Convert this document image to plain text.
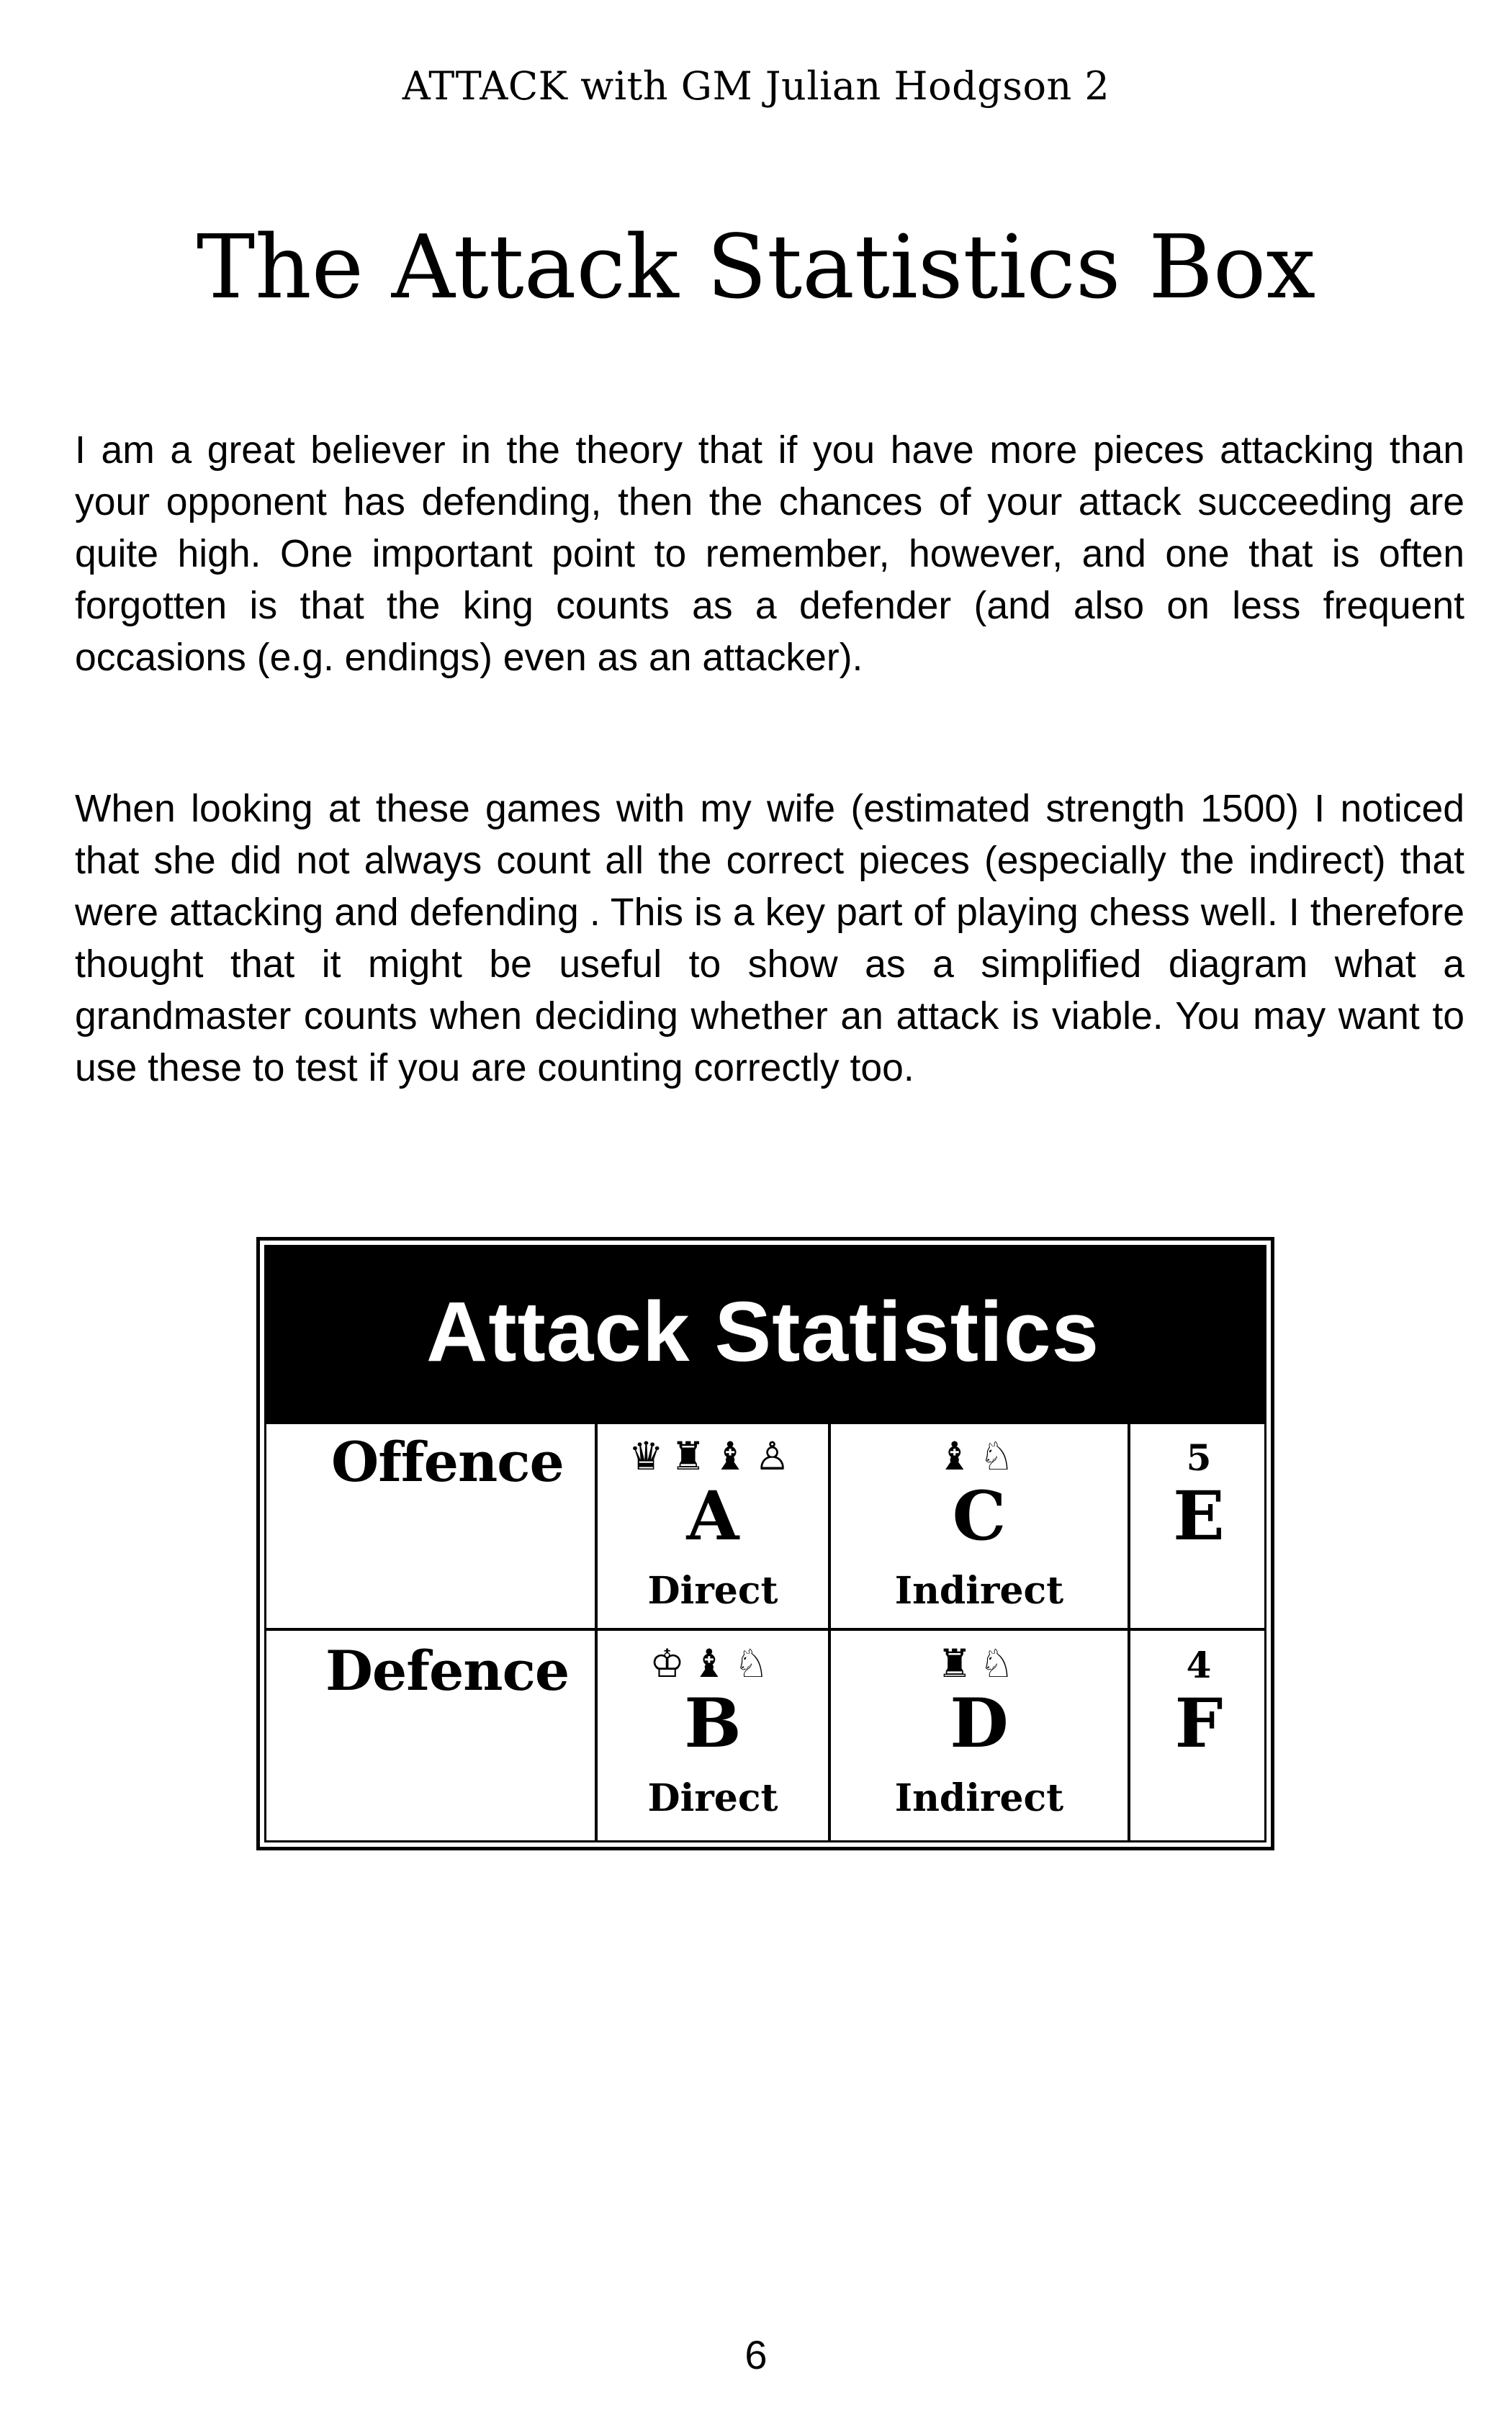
ATTACK with GM Julian Hodgson 2
The Attack Statistics Box

I am a great believer in the theory that if you have more pieces attacking than your opponent has defending, then the chances of your attack succeeding are quite high. One important point to remember, however, and one that is often forgotten is that the king counts as a defender (and also on less frequent occasions (e.g. endings) even as an attacker).

When looking at these games with my wife (estimated strength 1500) I noticed that she did not always count all the correct pieces (especially the indirect) that were attacking and defending . This is a key part of playing chess well. I therefore thought that it might be useful to show as a simplified diagram what a grandmaster counts when deciding whether an attack is viable. You may want to use these to test if you are counting correctly too.

Attack Statistics
Offence	♛♜♝♙
A
Direct
♝♘
C
Indirect
5
E
Defence	♔♝♘
B
Direct
♜♘
D
Indirect
4
F
6
